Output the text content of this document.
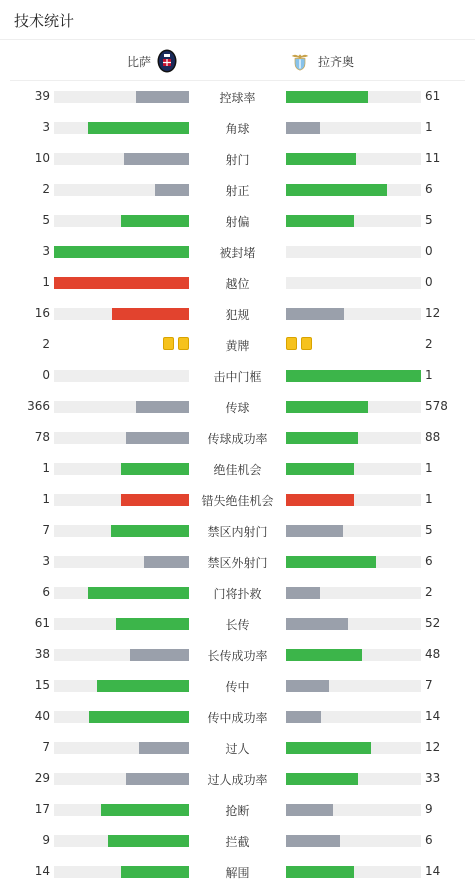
技术统计
比萨	拉齐奥
39	控球率	61
3	角球	1
10	射门	11
2	射正	6
5	射偏	5
3	被封堵	0
1	越位	0
16	犯规	12
2	黄牌	2
0	击中门框	1
366	传球	578
78	传球成功率	88
1	绝佳机会	1
1	错失绝佳机会	1
7	禁区内射门	5
3	禁区外射门	6
6	门将扑救	2
61	长传	52
38	长传成功率	48
15	传中	7
40	传中成功率	14
7	过人	12
29	过人成功率	33
17	抢断	9
9	拦截	6
14	解围	14
